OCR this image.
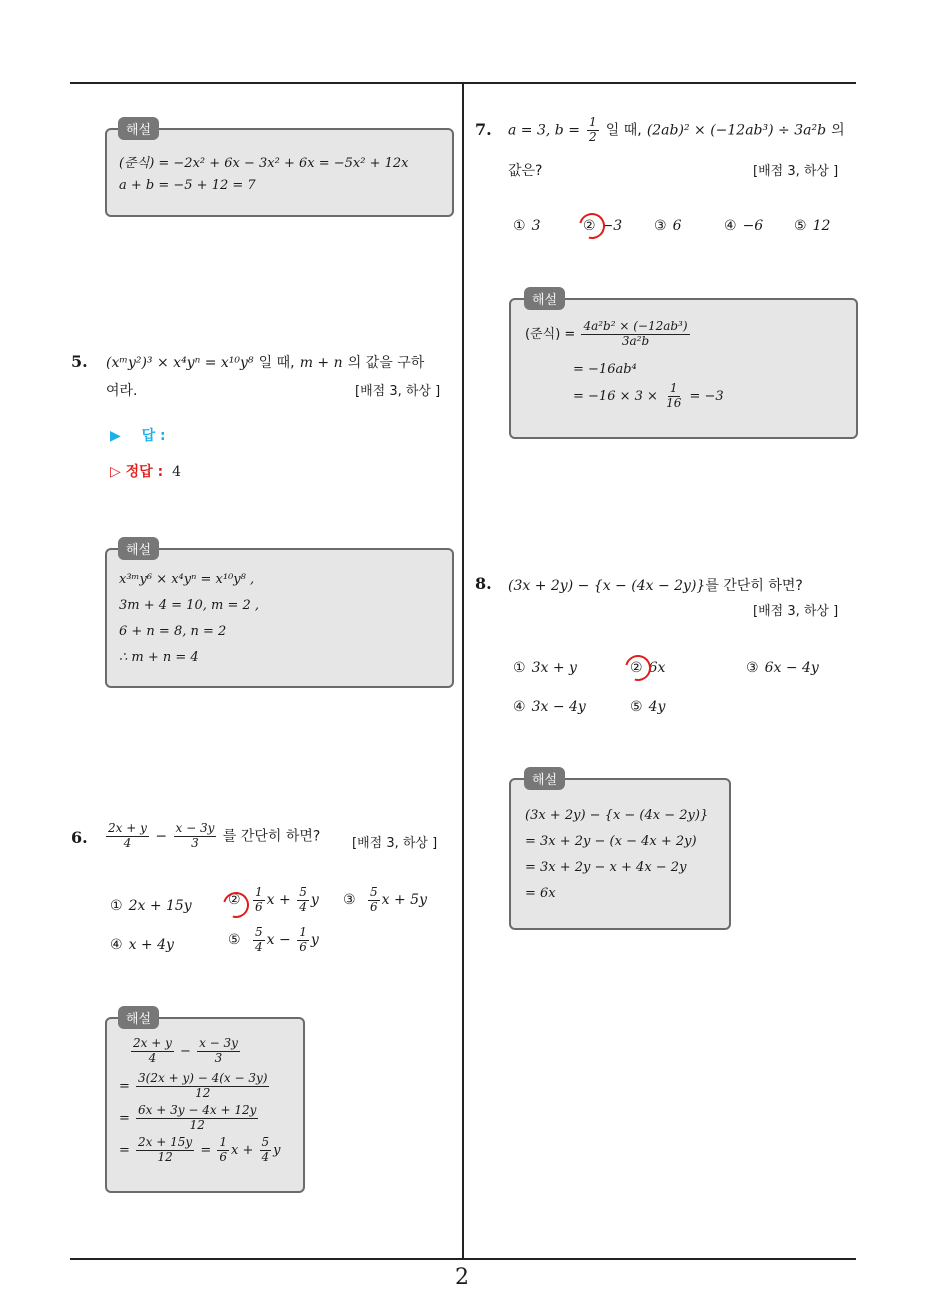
2
(준식) = −2x² + 6x − 3x² + 6x = −5x² + 12x
a + b = −5 + 12 = 7
해설
5. (xᵐy²)³ × x⁴yⁿ = x¹⁰y⁸ 일 때, m + n 의 값을 구하
여라.	[배점 3, 하상 ]
▶ 답 :
▷ 정답 : 4
x³ᵐy⁶ × x⁴yⁿ = x¹⁰y⁸ ,
3m + 4 = 10, m = 2 ,
6 + n = 8, n = 2
∴ m + n = 4
해설
6. $\frac{2x + y}{4} - \frac{x - 3y}{3}$ 를 간단히 하면? [배점 3, 하상 ]
① 2x + 15y	② $\frac{1}{6}$ $x + \frac{5}{4}$ y ③ $\frac{5}{6}$ x + 5y
④ x + 4y	⑤ $\frac{5}{4}$ $x - \frac{1}{6}$ y
$\frac{2x + y}{4} - \frac{x - 3y}{3}$
= $\frac{3(2x + y) - 4(x - 3y)}{12}$
= $\frac{6x + 3y - 4x + 12y}{12}$
= $\frac{2x + 15y}{12} = \frac{1}{6}$ $x + \frac{5}{4}$ y
해설
7. a = 3, $b = \frac{1}{2}$ 일 때, (2ab)² × (−12ab³) ÷ 3a²b 의
값은?	[배점 3, 하상 ]
① 3	② −3 ③ 6	④ −6 ⑤ 12
(준식) = $\frac{\text{4a²b² × (−12ab³)}}{\text{3a²b}}$
= −16ab⁴
= $-16 \times 3 \times \frac{1}{16} = -3$
해설
8. (3x + 2y) − {x − (4x − 2y)}를 간단히 하면?
[배점 3, 하상 ]
① 3x + y	② 6x	③ 6x − 4y
④ 3x − 4y	⑤ 4y
(3x + 2y) − {x − (4x − 2y)}
= 3x + 2y − (x − 4x + 2y)
= 3x + 2y − x + 4x − 2y
= 6x
해설
